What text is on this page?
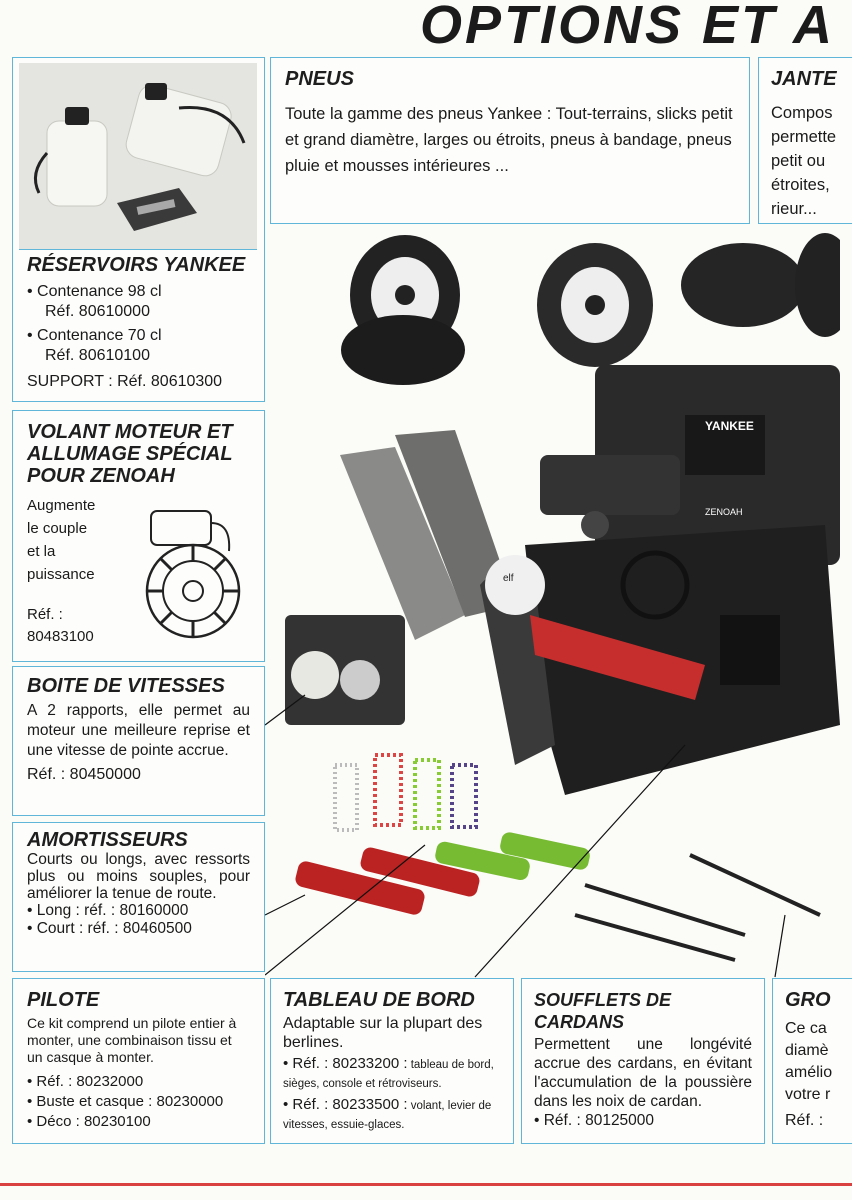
OPTIONS ET A
PNEUS

Toute la gamme des pneus Yankee : Tout-terrains, slicks petit et grand diamètre, larges ou étroits, pneus à bandage, pneus pluie et mousses intérieures ...

JANTE
Compos
permette
petit ou
étroites,
rieur...
RÉSERVOIRS YANKEE

• Contenance 98 cl

Réf. 80610000

• Contenance 70 cl

Réf. 80610100

SUPPORT : Réf. 80610300

VOLANT MOTEUR ET
ALLUMAGE SPÉCIAL
POUR ZENOAH
Augmente
le couple
et la
puissance
Réf. :
80483100
BOITE DE VITESSES

A 2 rapports, elle permet au moteur une meilleure reprise et une vitesse de pointe accrue.

Réf. : 80450000

AMORTISSEURS

Courts ou longs, avec ressorts plus ou moins souples, pour améliorer la tenue de route.

• Long : réf. : 80160000

• Court : réf. : 80460500

YANKEE
ZENOAH
elf
PILOTE

Ce kit comprend un pilote entier à monter, une combinaison tissu et un casque à monter.

• Réf. : 80232000

• Buste et casque : 80230000

• Déco : 80230100

TABLEAU DE BORD

Adaptable sur la plupart des berlines.

• Réf. : 80233200 : tableau de bord, sièges, console et rétroviseurs.
• Réf. : 80233500 : volant, levier de vitesses, essuie-glaces.
SOUFFLETS DE CARDANS

Permettent une longévité accrue des cardans, en évitant l'accumulation de la poussière dans les noix de cardan.

• Réf. : 80125000

GRO
Ce ca
diamè
amélio
votre r
Réf. :
